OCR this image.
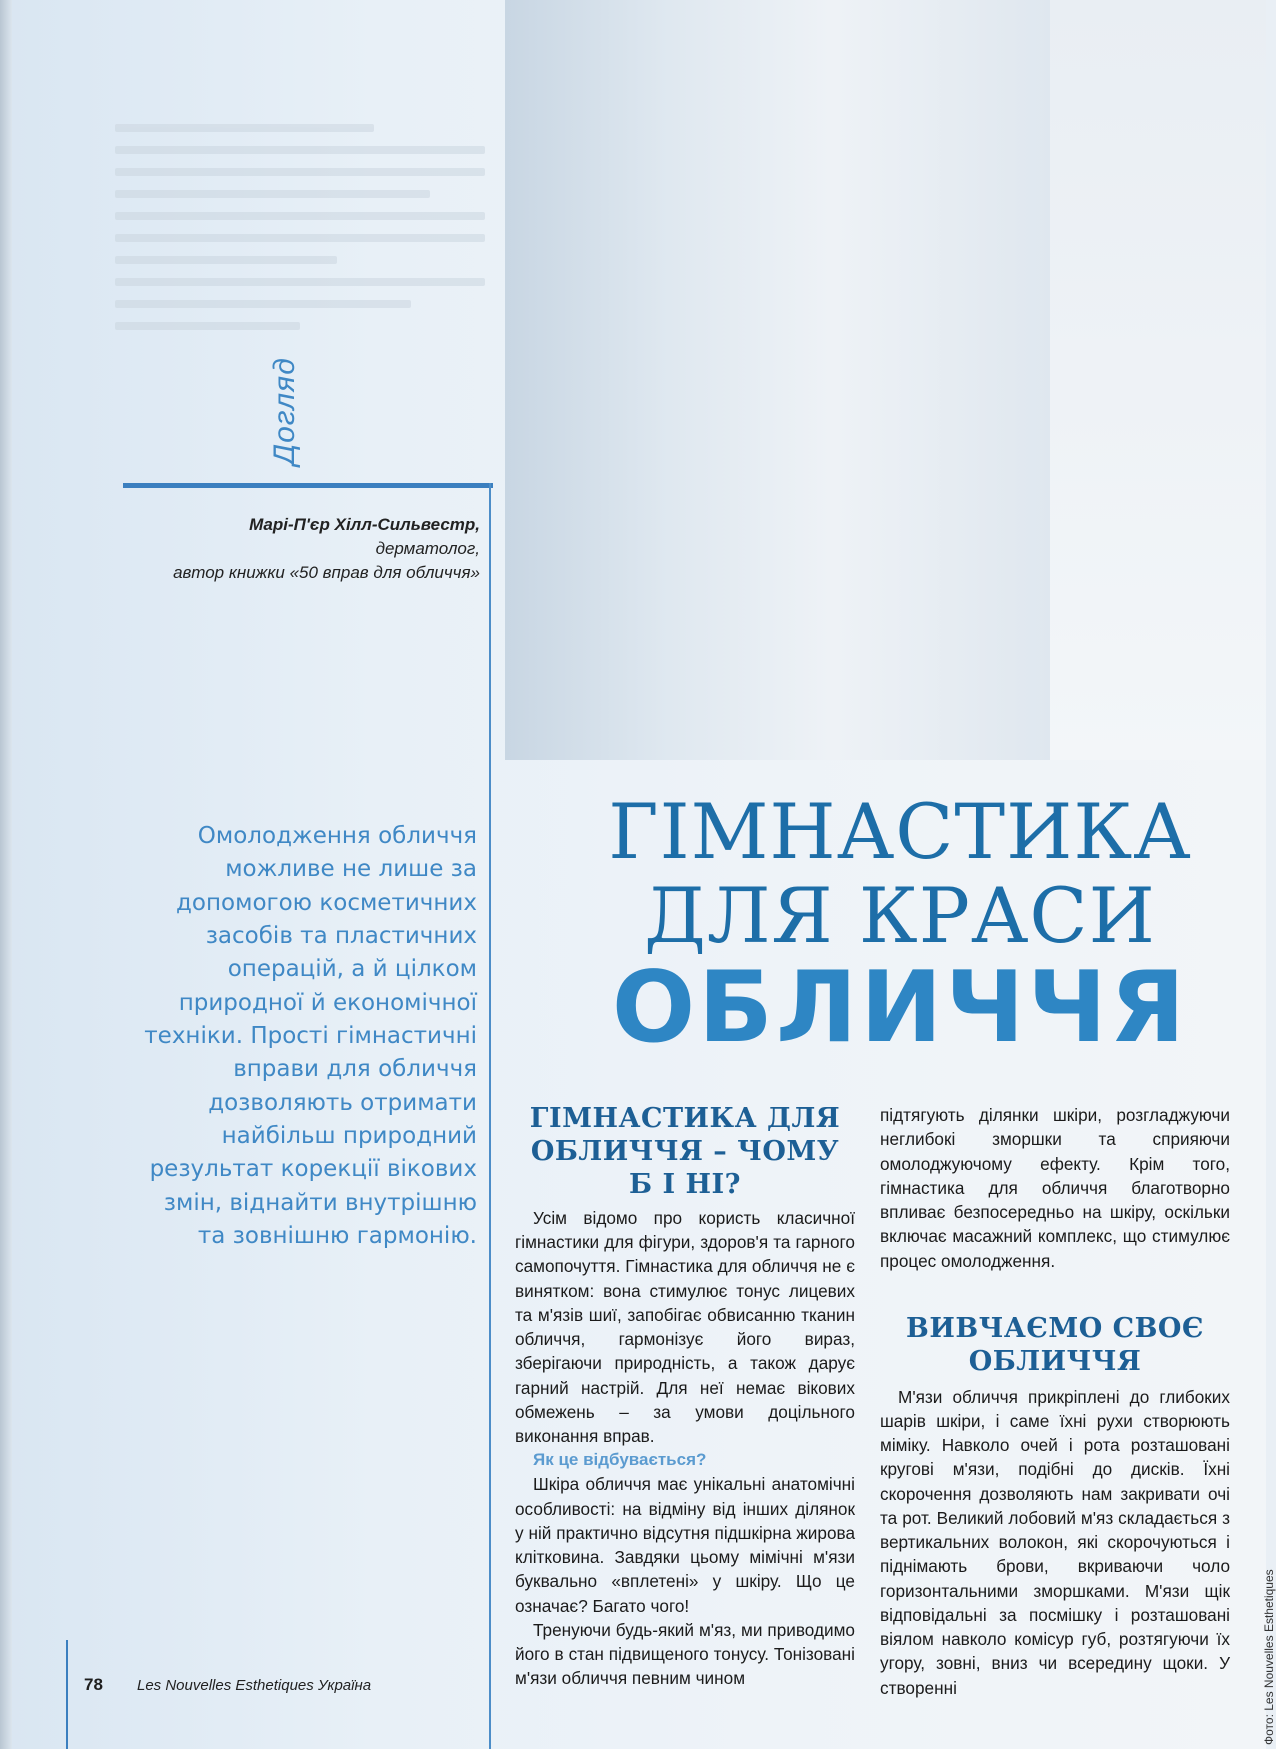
Догляд
Марі-П'єр Хілл-Сильвестр,
дерматолог,
автор книжки «50 вправ для обличчя»
Омолодження обличчя можливе не лише за допомогою косметичних засобів та пластичних операцій, а й цілком природної й економічної техніки. Прості гімнастичні вправи для обличчя дозволяють отримати найбільш природний результат корекції вікових змін, віднайти внутрішню та зовнішню гармонію.
ГІМНАСТИКА
ДЛЯ КРАСИ
ОБЛИЧЧЯ
ГІМНАСТИКА ДЛЯ ОБЛИЧЧЯ – ЧОМУ Б І НІ?

Усім відомо про користь класичної гімнастики для фігури, здоров'я та гарного самопочуття. Гімнастика для обличчя не є винятком: вона стимулює тонус лицевих та м'язів шиї, запобігає обвисанню тканин обличчя, гармонізує його вираз, зберігаючи природність, а також дарує гарний настрій. Для неї немає вікових обмежень – за умови доцільного виконання вправ.

Як це відбувається?

Шкіра обличчя має унікальні анатомічні особливості: на відміну від інших ділянок у ній практично відсутня підшкірна жирова клітковина. Завдяки цьому мімічні м'язи буквально «вплетені» у шкіру. Що це означає? Багато чого!

Тренуючи будь-який м'яз, ми приводимо його в стан підвищеного тонусу. Тонізовані м'язи обличчя певним чином

підтягують ділянки шкіри, розгладжуючи неглибокі зморшки та сприяючи омолоджуючому ефекту. Крім того, гімнастика для обличчя благотворно впливає безпосередньо на шкіру, оскільки включає масажний комплекс, що стимулює процес омолодження.

ВИВЧАЄМО СВОЄ ОБЛИЧЧЯ

М'язи обличчя прикріплені до глибоких шарів шкіри, і саме їхні рухи створюють міміку. Навколо очей і рота розташовані кругові м'язи, подібні до дисків. Їхні скорочення дозволяють нам закривати очі та рот. Великий лобовий м'яз складається з вертикальних волокон, які скорочуються і піднімають брови, вкриваючи чоло горизонтальними зморшками. М'язи щік відповідальні за посмішку і розташовані віялом навколо комісур губ, розтягуючи їх угору, зовні, вниз чи всередину щоки. У створенні

78 Les Nouvelles Esthetiques Україна	Фото: Les Nouvelles Esthetiques
